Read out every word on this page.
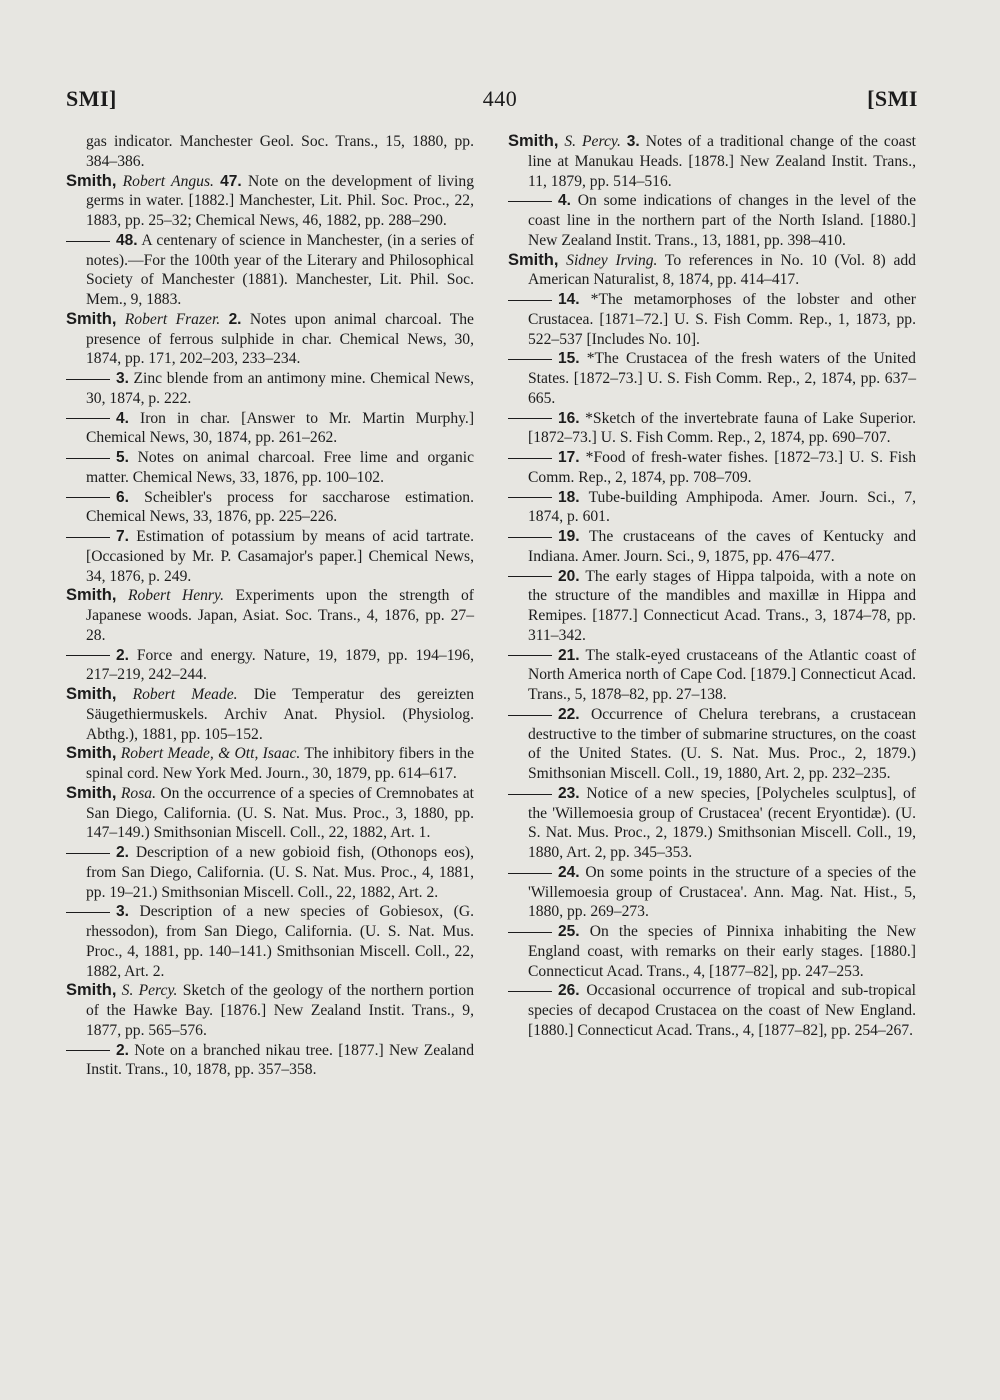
440
SMI]	[SMI

gas indicator. Manchester Geol. Soc. Trans., 15, 1880, pp. 384–386.

Smith, Robert Angus. 47. Note on the development of living germs in water. [1882.] Manchester, Lit. Phil. Soc. Proc., 22, 1883, pp. 25–32; Chemical News, 46, 1882, pp. 288–290.

48. A centenary of science in Manchester, (in a series of notes).—For the 100th year of the Literary and Philosophical Society of Manchester (1881). Manchester, Lit. Phil. Soc. Mem., 9, 1883.

Smith, Robert Frazer. 2. Notes upon animal charcoal. The presence of ferrous sulphide in char. Chemical News, 30, 1874, pp. 171, 202–203, 233–234.

3. Zinc blende from an antimony mine. Chemical News, 30, 1874, p. 222.

4. Iron in char. [Answer to Mr. Martin Murphy.] Chemical News, 30, 1874, pp. 261–262.

5. Notes on animal charcoal. Free lime and organic matter. Chemical News, 33, 1876, pp. 100–102.

6. Scheibler's process for saccharose estimation. Chemical News, 33, 1876, pp. 225–226.

7. Estimation of potassium by means of acid tartrate. [Occasioned by Mr. P. Casamajor's paper.] Chemical News, 34, 1876, p. 249.

Smith, Robert Henry. Experiments upon the strength of Japanese woods. Japan, Asiat. Soc. Trans., 4, 1876, pp. 27–28.

2. Force and energy. Nature, 19, 1879, pp. 194–196, 217–219, 242–244.

Smith, Robert Meade. Die Temperatur des gereizten Säugethiermuskels. Archiv Anat. Physiol. (Physiolog. Abthg.), 1881, pp. 105–152.

Smith, Robert Meade, & Ott, Isaac. The inhibitory fibers in the spinal cord. New York Med. Journ., 30, 1879, pp. 614–617.

Smith, Rosa. On the occurrence of a species of Cremnobates at San Diego, California. (U. S. Nat. Mus. Proc., 3, 1880, pp. 147–149.) Smithsonian Miscell. Coll., 22, 1882, Art. 1.

2. Description of a new gobioid fish, (Othonops eos), from San Diego, California. (U. S. Nat. Mus. Proc., 4, 1881, pp. 19–21.) Smithsonian Miscell. Coll., 22, 1882, Art. 2.

3. Description of a new species of Gobiesox, (G. rhessodon), from San Diego, California. (U. S. Nat. Mus. Proc., 4, 1881, pp. 140–141.) Smithsonian Miscell. Coll., 22, 1882, Art. 2.

Smith, S. Percy. Sketch of the geology of the northern portion of the Hawke Bay. [1876.] New Zealand Instit. Trans., 9, 1877, pp. 565–576.

2. Note on a branched nikau tree. [1877.] New Zealand Instit. Trans., 10, 1878, pp. 357–358.

Smith, S. Percy. 3. Notes of a traditional change of the coast line at Manukau Heads. [1878.] New Zealand Instit. Trans., 11, 1879, pp. 514–516.

4. On some indications of changes in the level of the coast line in the northern part of the North Island. [1880.] New Zealand Instit. Trans., 13, 1881, pp. 398–410.

Smith, Sidney Irving. To references in No. 10 (Vol. 8) add American Naturalist, 8, 1874, pp. 414–417.

14. *The metamorphoses of the lobster and other Crustacea. [1871–72.] U. S. Fish Comm. Rep., 1, 1873, pp. 522–537 [Includes No. 10].

15. *The Crustacea of the fresh waters of the United States. [1872–73.] U. S. Fish Comm. Rep., 2, 1874, pp. 637–665.

16. *Sketch of the invertebrate fauna of Lake Superior. [1872–73.] U. S. Fish Comm. Rep., 2, 1874, pp. 690–707.

17. *Food of fresh-water fishes. [1872–73.] U. S. Fish Comm. Rep., 2, 1874, pp. 708–709.

18. Tube-building Amphipoda. Amer. Journ. Sci., 7, 1874, p. 601.

19. The crustaceans of the caves of Kentucky and Indiana. Amer. Journ. Sci., 9, 1875, pp. 476–477.

20. The early stages of Hippa talpoida, with a note on the structure of the mandibles and maxillæ in Hippa and Remipes. [1877.] Connecticut Acad. Trans., 3, 1874–78, pp. 311–342.

21. The stalk-eyed crustaceans of the Atlantic coast of North America north of Cape Cod. [1879.] Connecticut Acad. Trans., 5, 1878–82, pp. 27–138.

22. Occurrence of Chelura terebrans, a crustacean destructive to the timber of submarine structures, on the coast of the United States. (U. S. Nat. Mus. Proc., 2, 1879.) Smithsonian Miscell. Coll., 19, 1880, Art. 2, pp. 232–235.

23. Notice of a new species, [Polycheles sculptus], of the 'Willemoesia group of Crustacea' (recent Eryontidæ). (U. S. Nat. Mus. Proc., 2, 1879.) Smithsonian Miscell. Coll., 19, 1880, Art. 2, pp. 345–353.

24. On some points in the structure of a species of the 'Willemoesia group of Crustacea'. Ann. Mag. Nat. Hist., 5, 1880, pp. 269–273.

25. On the species of Pinnixa inhabiting the New England coast, with remarks on their early stages. [1880.] Connecticut Acad. Trans., 4, [1877–82], pp. 247–253.

26. Occasional occurrence of tropical and sub-tropical species of decapod Crustacea on the coast of New England. [1880.] Connecticut Acad. Trans., 4, [1877–82], pp. 254–267.
